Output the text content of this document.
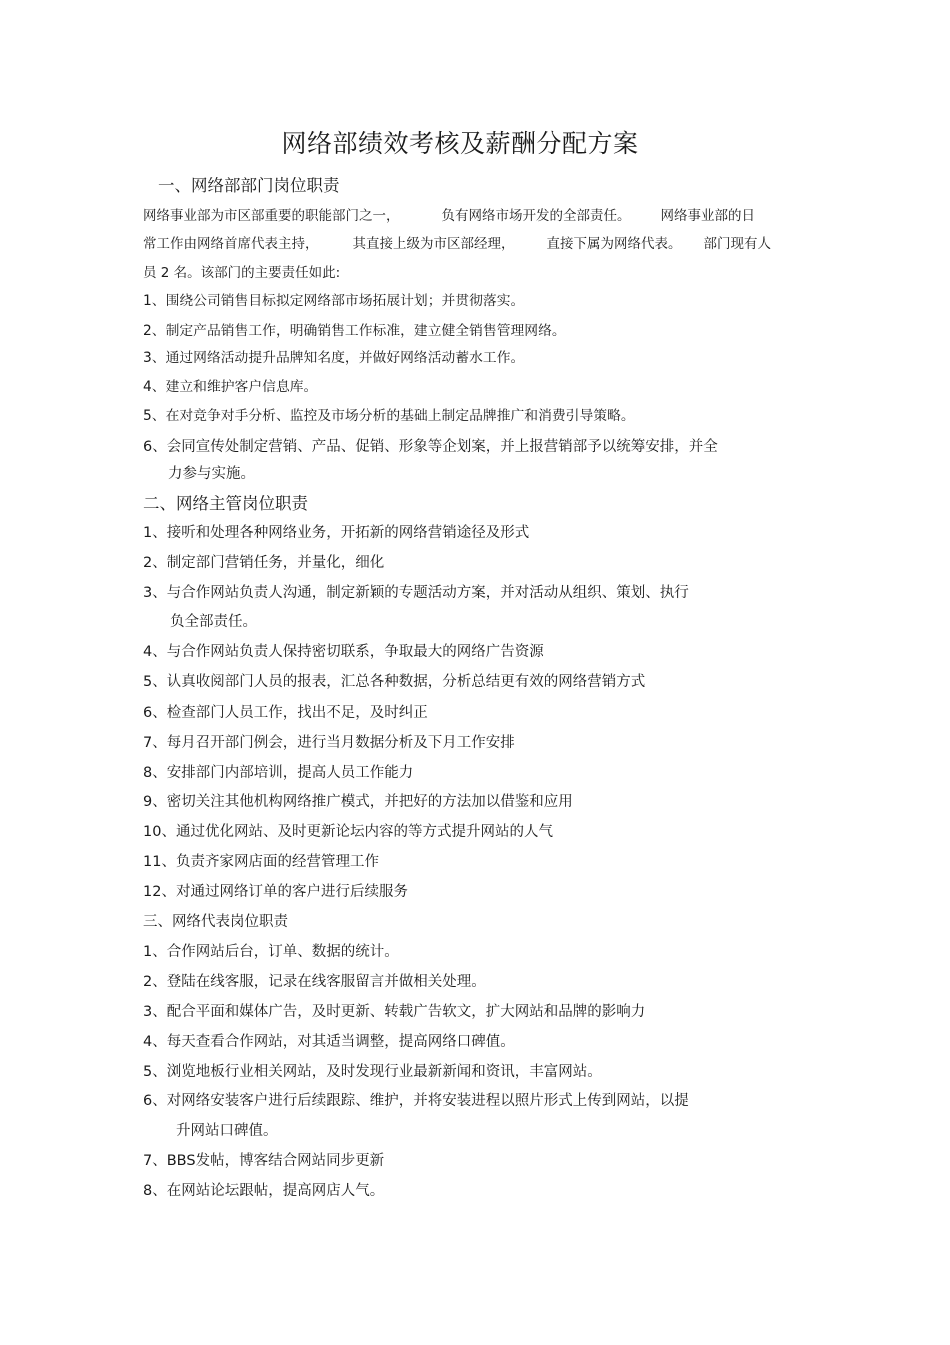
网络部绩效考核及薪酬分配方案
一、网络部部门岗位职责
网络事业部为市区部重要的职能部门之一，	负有网络市场开发的全部责任。 网络事业部的日
常工作由网络首席代表主持，	其直接上级为市区部经理， 直接下属为网络代表。 部门现有人
员 2 名。该部门的主要责任如此:
1、围绕公司销售目标拟定网络部市场拓展计划；并贯彻落实。
2、制定产品销售工作，明确销售工作标准，建立健全销售管理网络。
3、通过网络活动提升品牌知名度，并做好网络活动蓄水工作。
4、建立和维护客户信息库。
5、在对竞争对手分析、监控及市场分析的基础上制定品牌推广和消费引导策略。
6、会同宣传处制定营销、产品、促销、形象等企划案，并上报营销部予以统筹安排，并全
力参与实施。
二、网络主管岗位职责
1、接听和处理各种网络业务，开拓新的网络营销途径及形式
2、制定部门营销任务，并量化，细化
3、与合作网站负责人沟通，制定新颖的专题活动方案，并对活动从组织、策划、执行
负全部责任。
4、与合作网站负责人保持密切联系，争取最大的网络广告资源
5、认真收阅部门人员的报表，汇总各种数据，分析总结更有效的网络营销方式
6、检查部门人员工作，找出不足，及时纠正
7、每月召开部门例会，进行当月数据分析及下月工作安排
8、安排部门内部培训，提高人员工作能力
9、密切关注其他机构网络推广模式，并把好的方法加以借鉴和应用
10、通过优化网站、及时更新论坛内容的等方式提升网站的人气
11、负责齐家网店面的经营管理工作
12、对通过网络订单的客户进行后续服务
三、网络代表岗位职责
1、合作网站后台，订单、数据的统计。
2、登陆在线客服，记录在线客服留言并做相关处理。
3、配合平面和媒体广告，及时更新、转载广告软文，扩大网站和品牌的影响力
4、每天查看合作网站，对其适当调整，提高网络口碑值。
5、浏览地板行业相关网站，及时发现行业最新新闻和资讯，丰富网站。
6、对网络安装客户进行后续跟踪、维护，并将安装进程以照片形式上传到网站，以提
升网站口碑值。
7、BBS发帖，博客结合网站同步更新
8、在网站论坛跟帖，提高网店人气。
